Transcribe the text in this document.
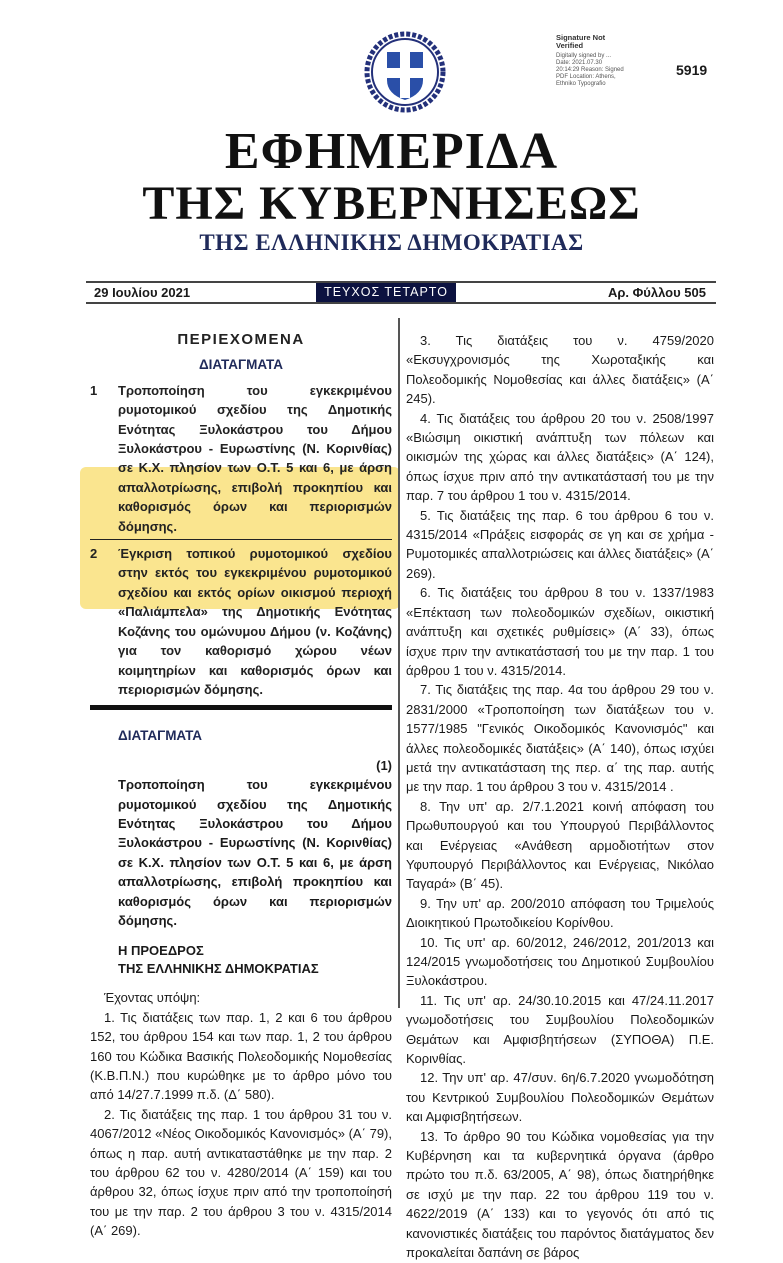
Signature Not Verified
Digitally signed by ... Date: 2021.07.30 20:14:29 Reason: Signed PDF Location: Athens, Ethniko Typografio
5919
ΕΦΗΜΕΡΙΔΑ
ΤΗΣ ΚΥΒΕΡΝΗΣΕΩΣ
ΤΗΣ ΕΛΛΗΝΙΚΗΣ ΔΗΜΟΚΡΑΤΙΑΣ
29 Ιουλίου 2021	ΤΕΥΧΟΣ ΤΕΤΑΡΤΟ	Αρ. Φύλλου 505
ΠΕΡΙΕΧΟΜΕΝΑ
ΔΙΑΤΑΓΜΑΤΑ
1	Τροποποίηση του εγκεκριμένου ρυμοτομικού σχεδίου της Δημοτικής Ενότητας Ξυλοκάστρου του Δήμου Ξυλοκάστρου - Ευρωστίνης (Ν. Κορινθίας) σε Κ.Χ. πλησίον των Ο.Τ. 5 και 6, με άρση απαλλοτρίωσης, επιβολή προκηπίου και καθορισμός όρων και περιορισμών δόμησης.
2	Έγκριση τοπικού ρυμοτομικού σχεδίου στην εκτός του εγκεκριμένου ρυμοτομικού σχεδίου και εκτός ορίων οικισμού περιοχή «Παλιάμπελα» της Δημοτικής Ενότητας Κοζάνης του ομώνυμου Δήμου (ν. Κοζάνης) για τον καθορισμό χώρου νέων κοιμητηρίων και καθορισμός όρων και περιορισμών δόμησης.
ΔΙΑΤΑΓΜΑΤΑ
(1)
Τροποποίηση του εγκεκριμένου ρυμοτομικού σχεδίου της Δημοτικής Ενότητας Ξυλοκάστρου του Δήμου Ξυλοκάστρου - Ευρωστίνης (Ν. Κορινθίας) σε Κ.Χ. πλησίον των Ο.Τ. 5 και 6, με άρση απαλλοτρίωσης, επιβολή προκηπίου και καθορισμός όρων και περιορισμών δόμησης.
Η ΠΡΟΕΔΡΟΣ
ΤΗΣ ΕΛΛΗΝΙΚΗΣ ΔΗΜΟΚΡΑΤΙΑΣ
Έχοντας υπόψη:

1. Τις διατάξεις των παρ. 1, 2 και 6 του άρθρου 152, του άρθρου 154 και των παρ. 1, 2 του άρθρου 160 του Κώδικα Βασικής Πολεοδομικής Νομοθεσίας (Κ.Β.Π.Ν.) που κυρώθηκε με το άρθρο μόνο του από 14/27.7.1999 π.δ. (Δ΄ 580).

2. Τις διατάξεις της παρ. 1 του άρθρου 31 του ν. 4067/2012 «Νέος Οικοδομικός Κανονισμός» (Α΄ 79), όπως η παρ. αυτή αντικαταστάθηκε με την παρ. 2 του άρθρου 62 του ν. 4280/2014 (Α΄ 159) και του άρθρου 32, όπως ίσχυε πριν από την τροποποίησή του με την παρ. 2 του άρθρου 3 του ν. 4315/2014 (Α΄ 269).

3. Τις διατάξεις του ν. 4759/2020 «Εκσυγχρονισμός της Χωροταξικής και Πολεοδομικής Νομοθεσίας και άλλες διατάξεις» (Α΄ 245).

4. Τις διατάξεις του άρθρου 20 του ν. 2508/1997 «Βιώσιμη οικιστική ανάπτυξη των πόλεων και οικισμών της χώρας και άλλες διατάξεις» (Α΄ 124), όπως ίσχυε πριν από την αντικατάστασή του με την παρ. 7 του άρθρου 1 του ν. 4315/2014.

5. Τις διατάξεις της παρ. 6 του άρθρου 6 του ν. 4315/2014 «Πράξεις εισφοράς σε γη και σε χρήμα - Ρυμοτομικές απαλλοτριώσεις και άλλες διατάξεις» (Α΄ 269).

6. Τις διατάξεις του άρθρου 8 του ν. 1337/1983 «Επέκταση των πολεοδομικών σχεδίων, οικιστική ανάπτυξη και σχετικές ρυθμίσεις» (Α΄ 33), όπως ίσχυε πριν την αντικατάστασή του με την παρ. 1 του άρθρου 1 του ν. 4315/2014.

7. Τις διατάξεις της παρ. 4α του άρθρου 29 του ν. 2831/2000 «Τροποποίηση των διατάξεων του ν. 1577/1985 "Γενικός Οικοδομικός Κανονισμός" και άλλες πολεοδομικές διατάξεις» (Α΄ 140), όπως ισχύει μετά την αντικατάσταση της περ. α΄ της παρ. αυτής με την παρ. 1 του άρθρου 3 του ν. 4315/2014 .

8. Την υπ' αρ. 2/7.1.2021 κοινή απόφαση του Πρωθυπουργού και του Υπουργού Περιβάλλοντος και Ενέργειας «Ανάθεση αρμοδιοτήτων στον Υφυπουργό Περιβάλλοντος και Ενέργειας, Νικόλαο Ταγαρά» (Β΄ 45).

9. Την υπ' αρ. 200/2010 απόφαση του Τριμελούς Διοικητικού Πρωτοδικείου Κορίνθου.

10. Τις υπ' αρ. 60/2012, 246/2012, 201/2013 και 124/2015 γνωμοδοτήσεις του Δημοτικού Συμβουλίου Ξυλοκάστρου.

11. Τις υπ' αρ. 24/30.10.2015 και 47/24.11.2017 γνωμοδοτήσεις του Συμβουλίου Πολεοδομικών Θεμάτων και Αμφισβητήσεων (ΣΥΠΟΘΑ) Π.Ε. Κορινθίας.

12. Την υπ' αρ. 47/συν. 6η/6.7.2020 γνωμοδότηση του Κεντρικού Συμβουλίου Πολεοδομικών Θεμάτων και Αμφισβητήσεων.

13. Το άρθρο 90 του Κώδικα νομοθεσίας για την Κυβέρνηση και τα κυβερνητικά όργανα (άρθρο πρώτο του π.δ. 63/2005, Α΄ 98), όπως διατηρήθηκε σε ισχύ με την παρ. 22 του άρθρου 119 του ν. 4622/2019 (Α΄ 133) και το γεγονός ότι από τις κανονιστικές διατάξεις του παρόντος διατάγματος δεν προκαλείται δαπάνη σε βάρος
